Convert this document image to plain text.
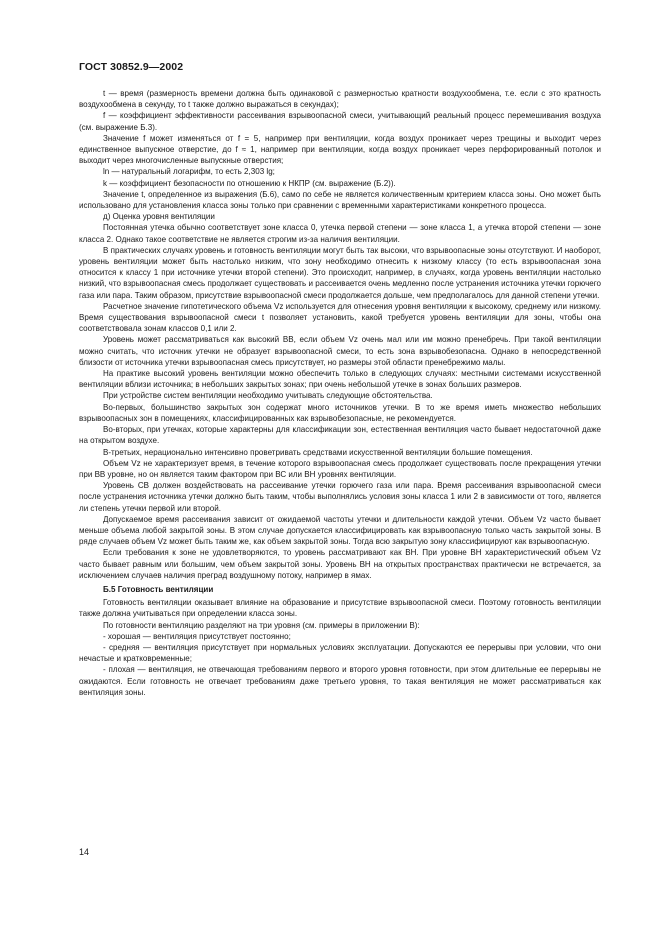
ГОСТ 30852.9—2002

t — время (размерность времени должна быть одинаковой с размерностью кратности воздухообмена, т.е. если c это кратность воздухообмена в секунду, то t также должно выражаться в секундах);

f — коэффициент эффективности рассеивания взрывоопасной смеси, учитывающий реальный процесс перемешивания воздуха (см. выражение Б.3).

Значение f может изменяться от f = 5, например при вентиляции, когда воздух проникает через трещины и выходит через единственное выпускное отверстие, до f ≈ 1, например при вентиляции, когда воздух проникает через перфорированный потолок и выходит через многочисленные выпускные отверстия;

ln — натуральный логарифм, то есть 2,303 lg;

k — коэффициент безопасности по отношению к НКПР (см. выражение (Б.2)).

Значение t, определенное из выражения (Б.6), само по себе не является количественным критерием класса зоны. Оно может быть использовано для установления класса зоны только при сравнении с временными характеристиками конкретного процесса.

д) Оценка уровня вентиляции

Постоянная утечка обычно соответствует зоне класса 0, утечка первой степени — зоне класса 1, а утечка второй степени — зоне класса 2. Однако такое соответствие не является строгим из-за наличия вентиляции.

В практических случаях уровень и готовность вентиляции могут быть так высоки, что взрывоопасные зоны отсутствуют. И наоборот, уровень вентиляции может быть настолько низким, что зону необходимо отнесить к низкому классу (то есть взрывоопасная зона относится к классу 1 при источнике утечки второй степени). Это происходит, например, в случаях, когда уровень вентиляции настолько низкий, что взрывоопасная смесь продолжает существовать и рассеивается очень медленно после устранения источника утечки горючего газа или пара. Таким образом, присутствие взрывоопасной смеси продолжается дольше, чем предполагалось для данной степени утечки.

Расчетное значение гипотетического объема Vz используется для отнесения уровня вентиляции к высокому, среднему или низкому. Время существования взрывоопасной смеси t позволяет установить, какой требуется уровень вентиляции для зоны, чтобы она соответствовала зонам классов 0,1 или 2.

Уровень может рассматриваться как высокий ВВ, если объем Vz очень мал или им можно пренебречь. При такой вентиляции можно считать, что источник утечки не образует взрывоопасной смеси, то есть зона взрывобезопасна. Однако в непосредственной близости от источника утечки взрывоопасная смесь присутствует, но размеры этой области пренебрежимо малы.

На практике высокий уровень вентиляции можно обеспечить только в следующих случаях: местными системами искусственной вентиляции вблизи источника; в небольших закрытых зонах; при очень небольшой утечке в зонах больших размеров.

При устройстве систем вентиляции необходимо учитывать следующие обстоятельства.

Во-первых, большинство закрытых зон содержат много источников утечки. В то же время иметь множество небольших взрывоопасных зон в помещениях, классифицированных как взрывобезопасные, не рекомендуется.

Во-вторых, при утечках, которые характерны для классификации зон, естественная вентиляция часто бывает недостаточной даже на открытом воздухе.

В-третьих, нерационально интенсивно проветривать средствами искусственной вентиляции большие помещения.

Объем Vz не характеризует время, в течение которого взрывоопасная смесь продолжает существовать после прекращения утечки при ВВ уровне, но он является таким фактором при ВС или ВН уровнях вентиляции.

Уровень СВ должен воздействовать на рассеивание утечки горючего газа или пара. Время рассеивания взрывоопасной смеси после устранения источника утечки должно быть таким, чтобы выполнялись условия зоны класса 1 или 2 в зависимости от того, является ли степень утечки первой или второй.

Допускаемое время рассеивания зависит от ожидаемой частоты утечки и длительности каждой утечки. Объем Vz часто бывает меньше объема любой закрытой зоны. В этом случае допускается классифицировать как взрывоопасную только часть закрытой зоны. В ряде случаев объем Vz может быть таким же, как объем закрытой зоны. Тогда всю закрытую зону классифицируют как взрывоопасную.

Если требования к зоне не удовлетворяются, то уровень рассматривают как ВН. При уровне ВН характеристический объем Vz часто бывает равным или большим, чем объем закрытой зоны. Уровень ВН на открытых пространствах практически не встречается, за исключением случаев наличия преград воздушному потоку, например в ямах.

Б.5 Готовность вентиляции

Готовность вентиляции оказывает влияние на образование и присутствие взрывоопасной смеси. Поэтому готовность вентиляции также должна учитываться при определении класса зоны.

По готовности вентиляцию разделяют на три уровня (см. примеры в приложении В):

- хорошая — вентиляция присутствует постоянно;

- средняя — вентиляция присутствует при нормальных условиях эксплуатации. Допускаются ее перерывы при условии, что они нечастые и кратковременные;

- плохая — вентиляция, не отвечающая требованиям первого и второго уровня готовности, при этом длительные ее перерывы не ожидаются. Если готовность не отвечает требованиям даже третьего уровня, то такая вентиляция не может рассматриваться как вентиляция зоны.

14
